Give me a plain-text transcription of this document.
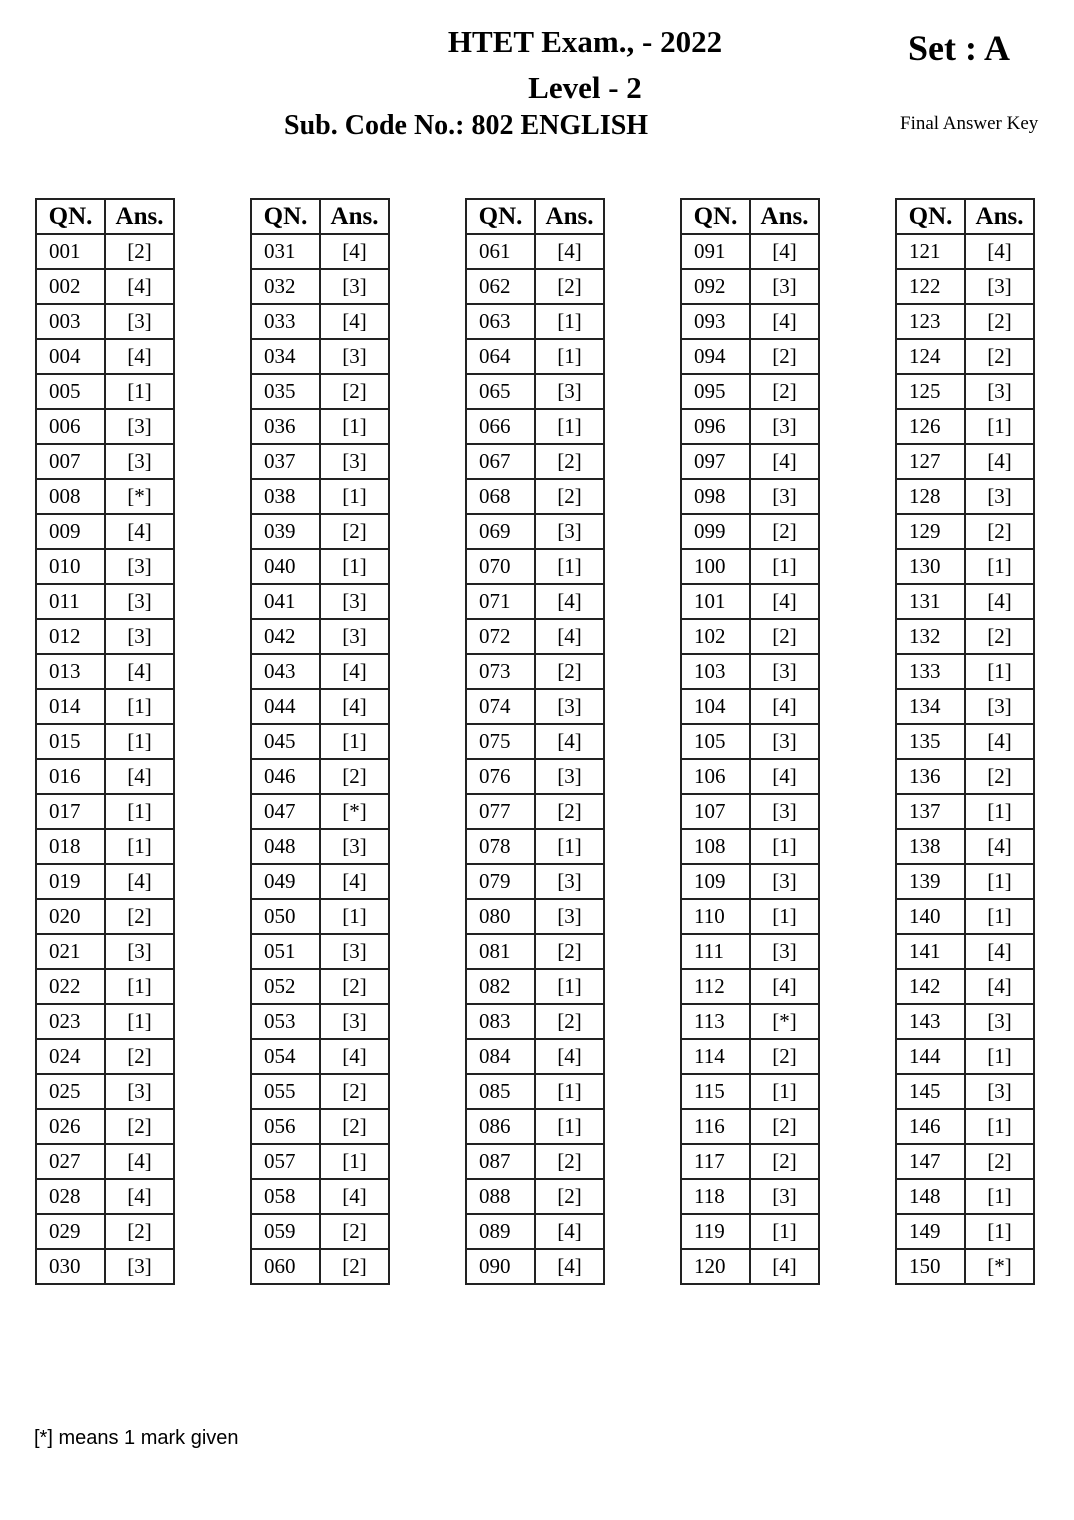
HTET Exam., - 2022
Level - 2
Sub. Code No.: 802 ENGLISH
Set : A
Final Answer Key
QN.	Ans.
001	[2]
002	[4]
003	[3]
004	[4]
005	[1]
006	[3]
007	[3]
008	[*]
009	[4]
010	[3]
011	[3]
012	[3]
013	[4]
014	[1]
015	[1]
016	[4]
017	[1]
018	[1]
019	[4]
020	[2]
021	[3]
022	[1]
023	[1]
024	[2]
025	[3]
026	[2]
027	[4]
028	[4]
029	[2]
030	[3]
QN.	Ans.
031	[4]
032	[3]
033	[4]
034	[3]
035	[2]
036	[1]
037	[3]
038	[1]
039	[2]
040	[1]
041	[3]
042	[3]
043	[4]
044	[4]
045	[1]
046	[2]
047	[*]
048	[3]
049	[4]
050	[1]
051	[3]
052	[2]
053	[3]
054	[4]
055	[2]
056	[2]
057	[1]
058	[4]
059	[2]
060	[2]
QN.	Ans.
061	[4]
062	[2]
063	[1]
064	[1]
065	[3]
066	[1]
067	[2]
068	[2]
069	[3]
070	[1]
071	[4]
072	[4]
073	[2]
074	[3]
075	[4]
076	[3]
077	[2]
078	[1]
079	[3]
080	[3]
081	[2]
082	[1]
083	[2]
084	[4]
085	[1]
086	[1]
087	[2]
088	[2]
089	[4]
090	[4]
QN.	Ans.
091	[4]
092	[3]
093	[4]
094	[2]
095	[2]
096	[3]
097	[4]
098	[3]
099	[2]
100	[1]
101	[4]
102	[2]
103	[3]
104	[4]
105	[3]
106	[4]
107	[3]
108	[1]
109	[3]
110	[1]
111	[3]
112	[4]
113	[*]
114	[2]
115	[1]
116	[2]
117	[2]
118	[3]
119	[1]
120	[4]
QN.	Ans.
121	[4]
122	[3]
123	[2]
124	[2]
125	[3]
126	[1]
127	[4]
128	[3]
129	[2]
130	[1]
131	[4]
132	[2]
133	[1]
134	[3]
135	[4]
136	[2]
137	[1]
138	[4]
139	[1]
140	[1]
141	[4]
142	[4]
143	[3]
144	[1]
145	[3]
146	[1]
147	[2]
148	[1]
149	[1]
150	[*]
[*] means 1 mark given
